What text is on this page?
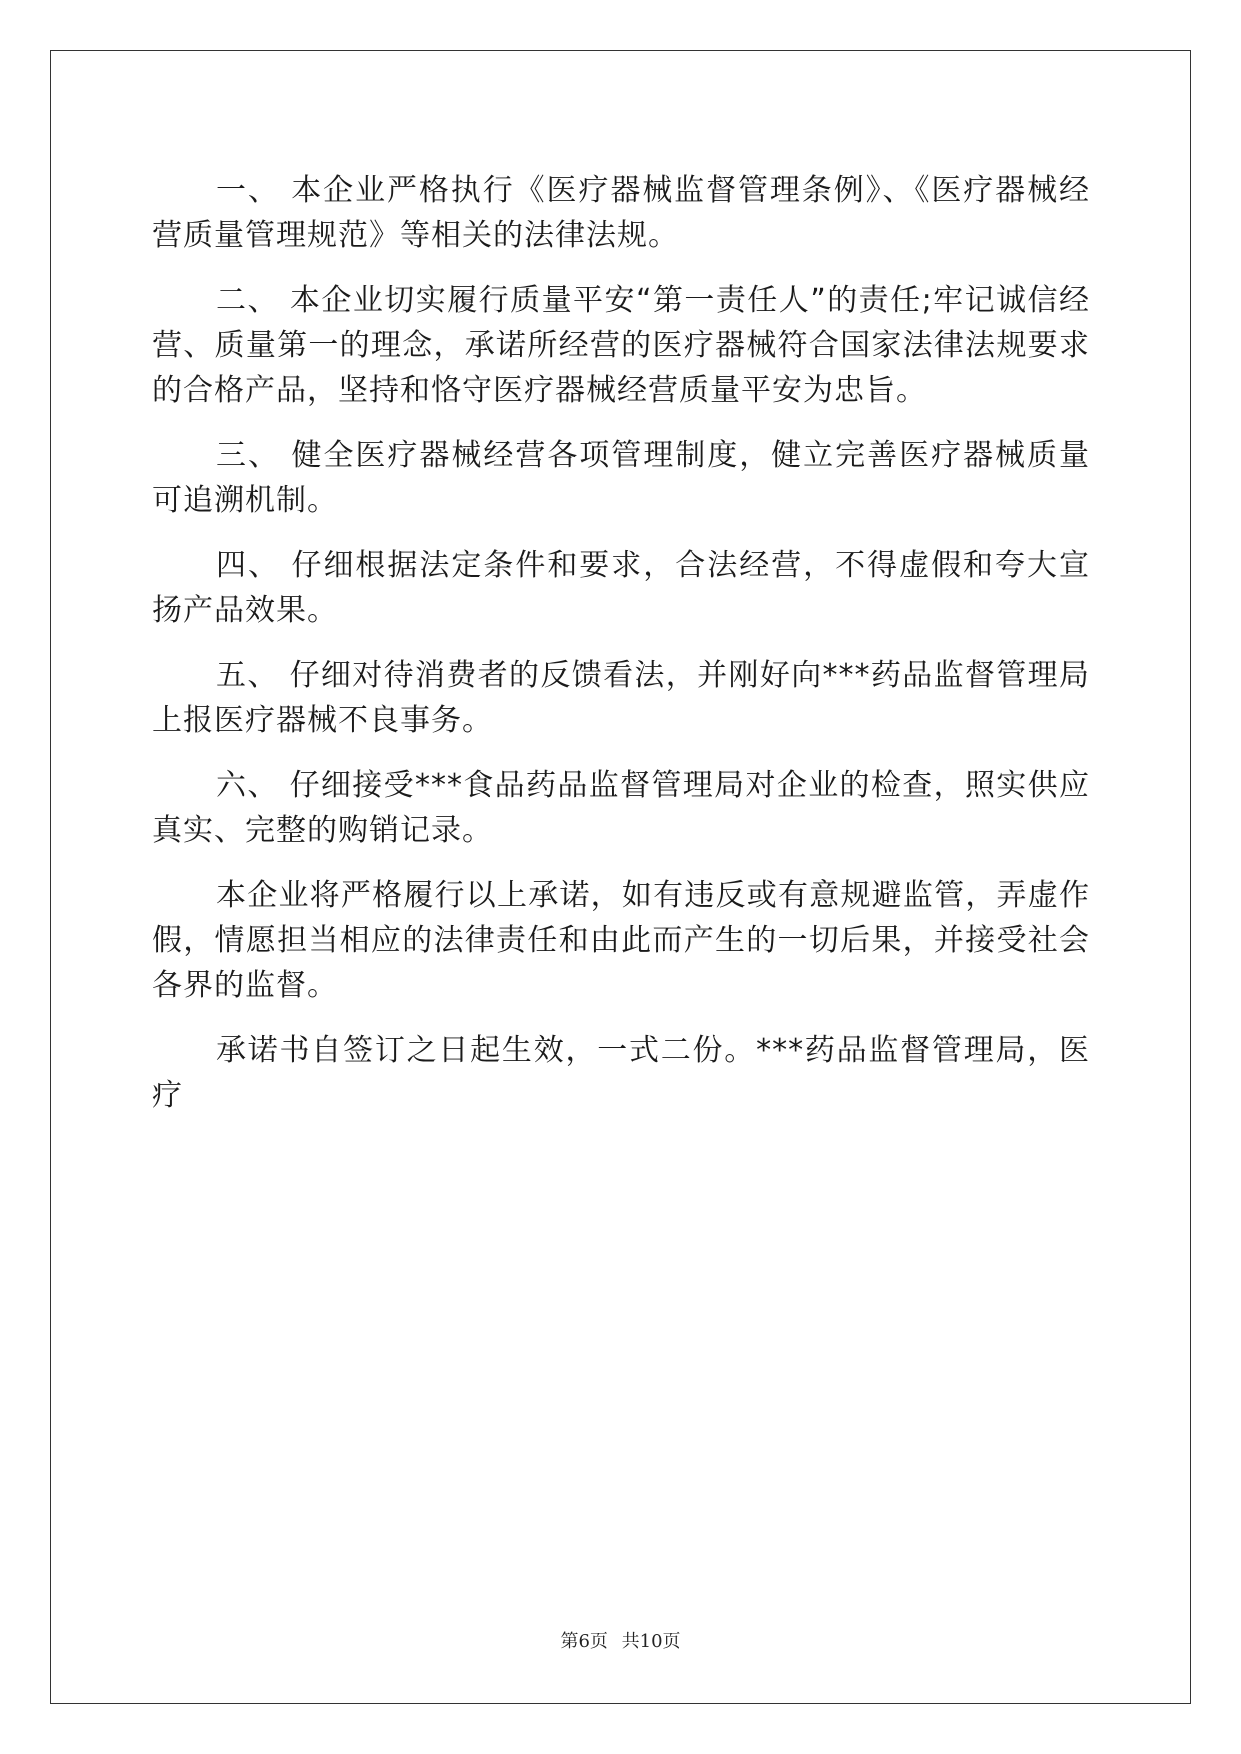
一、 本企业严格执行《医疗器械监督管理条例》、《医疗器械经营质量管理规范》等相关的法律法规。

二、 本企业切实履行质量平安“第一责任人”的责任;牢记诚信经营、质量第一的理念，承诺所经营的医疗器械符合国家法律法规要求的合格产品，坚持和恪守医疗器械经营质量平安为忠旨。

三、 健全医疗器械经营各项管理制度，健立完善医疗器械质量可追溯机制。

四、 仔细根据法定条件和要求，合法经营，不得虚假和夸大宣扬产品效果。

五、 仔细对待消费者的反馈看法，并刚好向***药品监督管理局上报医疗器械不良事务。

六、 仔细接受***食品药品监督管理局对企业的检查，照实供应真实、完整的购销记录。

本企业将严格履行以上承诺，如有违反或有意规避监管，弄虚作假，情愿担当相应的法律责任和由此而产生的一切后果，并接受社会各界的监督。

承诺书自签订之日起生效，一式二份。***药品监督管理局，医疗

第6页 共10页
